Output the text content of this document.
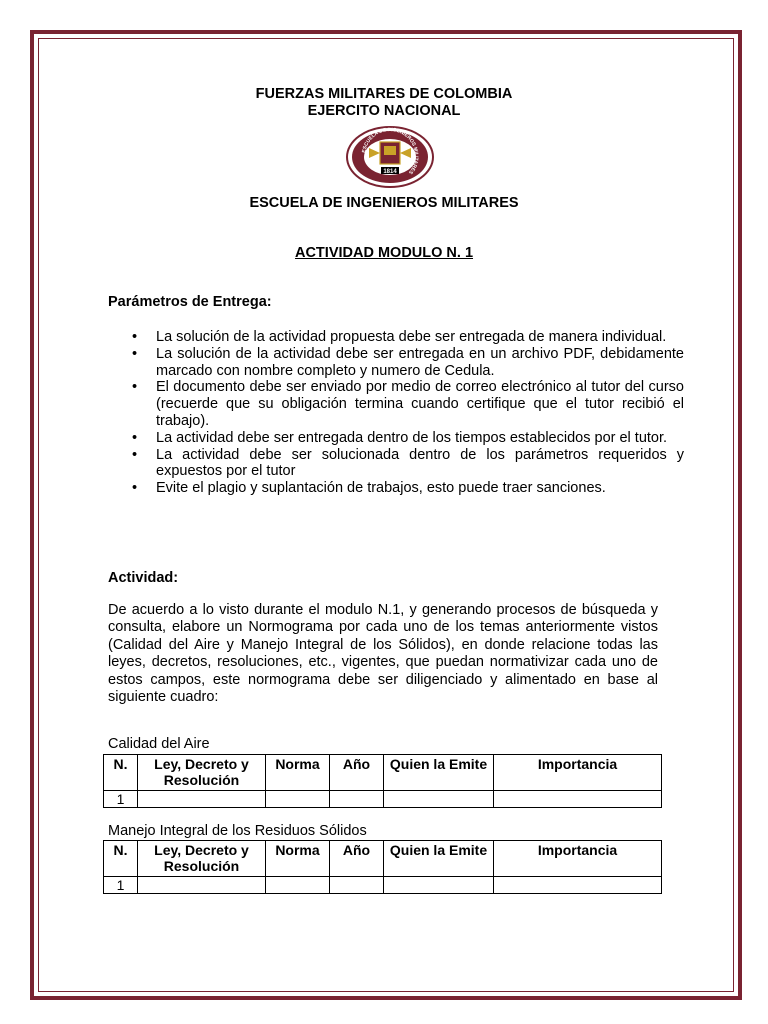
FUERZAS MILITARES DE COLOMBIA
EJERCITO NACIONAL
ESCUELA DE INGENIEROS MILITARES
1814
ESCUELA DE INGENIEROS MILITARES
ACTIVIDAD MODULO N. 1
Parámetros de Entrega:
• La solución de la actividad propuesta debe ser entregada de manera individual.
• La solución de la actividad debe ser entregada en un archivo PDF, debidamente marcado con nombre completo y numero de Cedula.
• El documento debe ser enviado por medio de correo electrónico al tutor del curso (recuerde que su obligación termina cuando certifique que el tutor recibió el trabajo).
• La actividad debe ser entregada dentro de los tiempos establecidos por el tutor.
• La actividad debe ser solucionada dentro de los parámetros requeridos y expuestos por el tutor
• Evite el plagio y suplantación de trabajos, esto puede traer sanciones.
Actividad:

De acuerdo a lo visto durante el modulo N.1, y generando procesos de búsqueda y consulta, elabore un Normograma por cada uno de los temas anteriormente vistos (Calidad del Aire y Manejo Integral de los Sólidos), en donde relacione todas las leyes, decretos, resoluciones, etc., vigentes, que puedan normativizar cada uno de estos campos, este normograma debe ser diligenciado y alimentado en base al siguiente cuadro:

Calidad del Aire
N.	Ley, Decreto y Resolución	Norma	Año	Quien la Emite	Importancia
1					
Manejo Integral de los Residuos Sólidos
N.	Ley, Decreto y Resolución	Norma	Año	Quien la Emite	Importancia
1					
